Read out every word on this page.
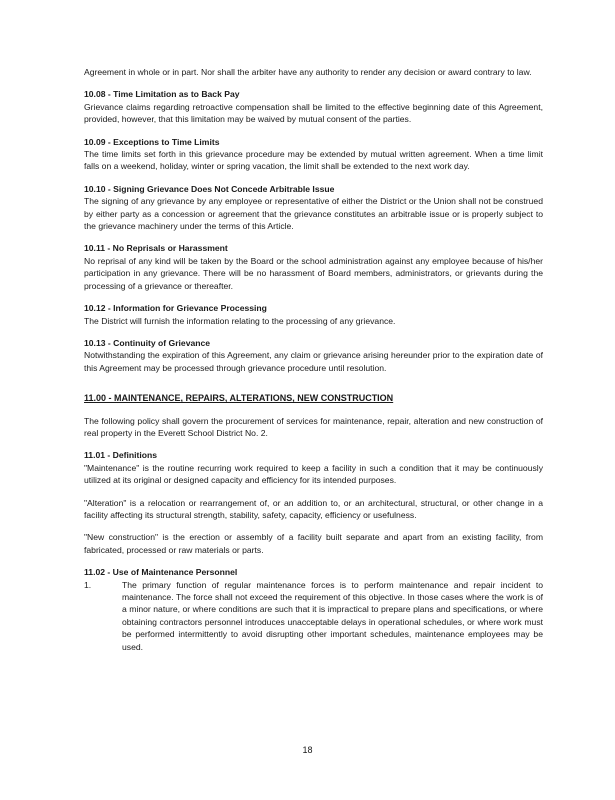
Agreement in whole or in part. Nor shall the arbiter have any authority to render any decision or award contrary to law.

10.08 - Time Limitation as to Back Pay

Grievance claims regarding retroactive compensation shall be limited to the effective beginning date of this Agreement, provided, however, that this limitation may be waived by mutual consent of the parties.

10.09 - Exceptions to Time Limits

The time limits set forth in this grievance procedure may be extended by mutual written agreement. When a time limit falls on a weekend, holiday, winter or spring vacation, the limit shall be extended to the next work day.

10.10 - Signing Grievance Does Not Concede Arbitrable Issue

The signing of any grievance by any employee or representative of either the District or the Union shall not be construed by either party as a concession or agreement that the grievance constitutes an arbitrable issue or is properly subject to the grievance machinery under the terms of this Article.

10.11 - No Reprisals or Harassment

No reprisal of any kind will be taken by the Board or the school administration against any employee because of his/her participation in any grievance. There will be no harassment of Board members, administrators, or grievants during the processing of a grievance or thereafter.

10.12 - Information for Grievance Processing

The District will furnish the information relating to the processing of any grievance.

10.13 - Continuity of Grievance

Notwithstanding the expiration of this Agreement, any claim or grievance arising hereunder prior to the expiration date of this Agreement may be processed through grievance procedure until resolution.

11.00 - MAINTENANCE, REPAIRS, ALTERATIONS, NEW CONSTRUCTION

The following policy shall govern the procurement of services for maintenance, repair, alteration and new construction of real property in the Everett School District No. 2.

11.01 - Definitions

"Maintenance" is the routine recurring work required to keep a facility in such a condition that it may be continuously utilized at its original or designed capacity and efficiency for its intended purposes.

"Alteration" is a relocation or rearrangement of, or an addition to, or an architectural, structural, or other change in a facility affecting its structural strength, stability, safety, capacity, efficiency or usefulness.

"New construction" is the erection or assembly of a facility built separate and apart from an existing facility, from fabricated, processed or raw materials or parts.

11.02 - Use of Maintenance Personnel

1.	The primary function of regular maintenance forces is to perform maintenance and repair incident to maintenance. The force shall not exceed the requirement of this objective. In those cases where the work is of a minor nature, or where conditions are such that it is impractical to prepare plans and specifications, or where obtaining contractors personnel introduces unacceptable delays in operational schedules, or where work must be performed intermittently to avoid disrupting other important schedules, maintenance employees may be used.
18
